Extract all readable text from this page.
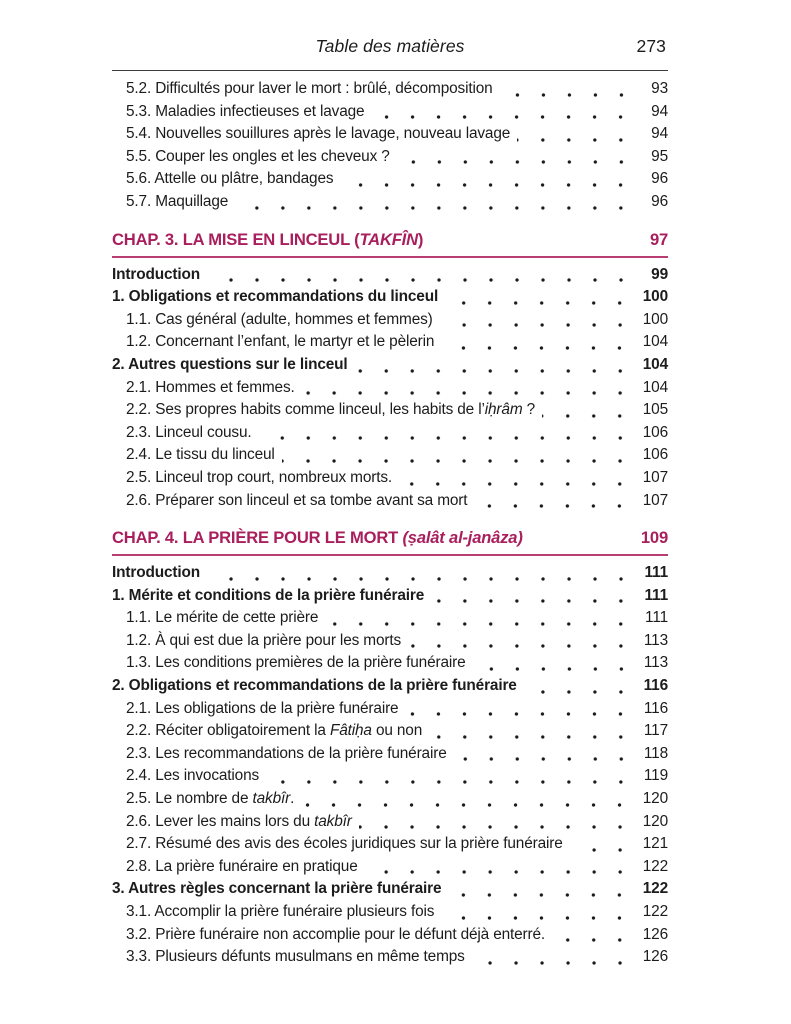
Table des matières	273
5.2. Difficultés pour laver le mort : brûlé, décomposition	93
5.3. Maladies infectieuses et lavage	94
5.4. Nouvelles souillures après le lavage, nouveau lavage	94
5.5. Couper les ongles et les cheveux ?	95
5.6. Attelle ou plâtre, bandages	96
5.7. Maquillage	96
CHAP. 3. LA MISE EN LINCEUL (TAKFÎN)	97
Introduction	99
1. Obligations et recommandations du linceul	100
1.1. Cas général (adulte, hommes et femmes)	100
1.2. Concernant l’enfant, le martyr et le pèlerin	104
2. Autres questions sur le linceul	104
2.1. Hommes et femmes.	104
2.2. Ses propres habits comme linceul, les habits de l’iḥrâm ?	105
2.3. Linceul cousu.	106
2.4. Le tissu du linceul	106
2.5. Linceul trop court, nombreux morts.	107
2.6. Préparer son linceul et sa tombe avant sa mort	107
CHAP. 4. LA PRIÈRE POUR LE MORT (ṣalât al-janâza)	109
Introduction	111
1. Mérite et conditions de la prière funéraire	111
1.1. Le mérite de cette prière	111
1.2. À qui est due la prière pour les morts	113
1.3. Les conditions premières de la prière funéraire	113
2. Obligations et recommandations de la prière funéraire	116
2.1. Les obligations de la prière funéraire	116
2.2. Réciter obligatoirement la Fâtiḥa ou non	117
2.3. Les recommandations de la prière funéraire	118
2.4. Les invocations	119
2.5. Le nombre de takbîr.	120
2.6. Lever les mains lors du takbîr	120
2.7. Résumé des avis des écoles juridiques sur la prière funéraire	121
2.8. La prière funéraire en pratique	122
3. Autres règles concernant la prière funéraire	122
3.1. Accomplir la prière funéraire plusieurs fois	122
3.2. Prière funéraire non accomplie pour le défunt déjà enterré.	126
3.3. Plusieurs défunts musulmans en même temps	126
